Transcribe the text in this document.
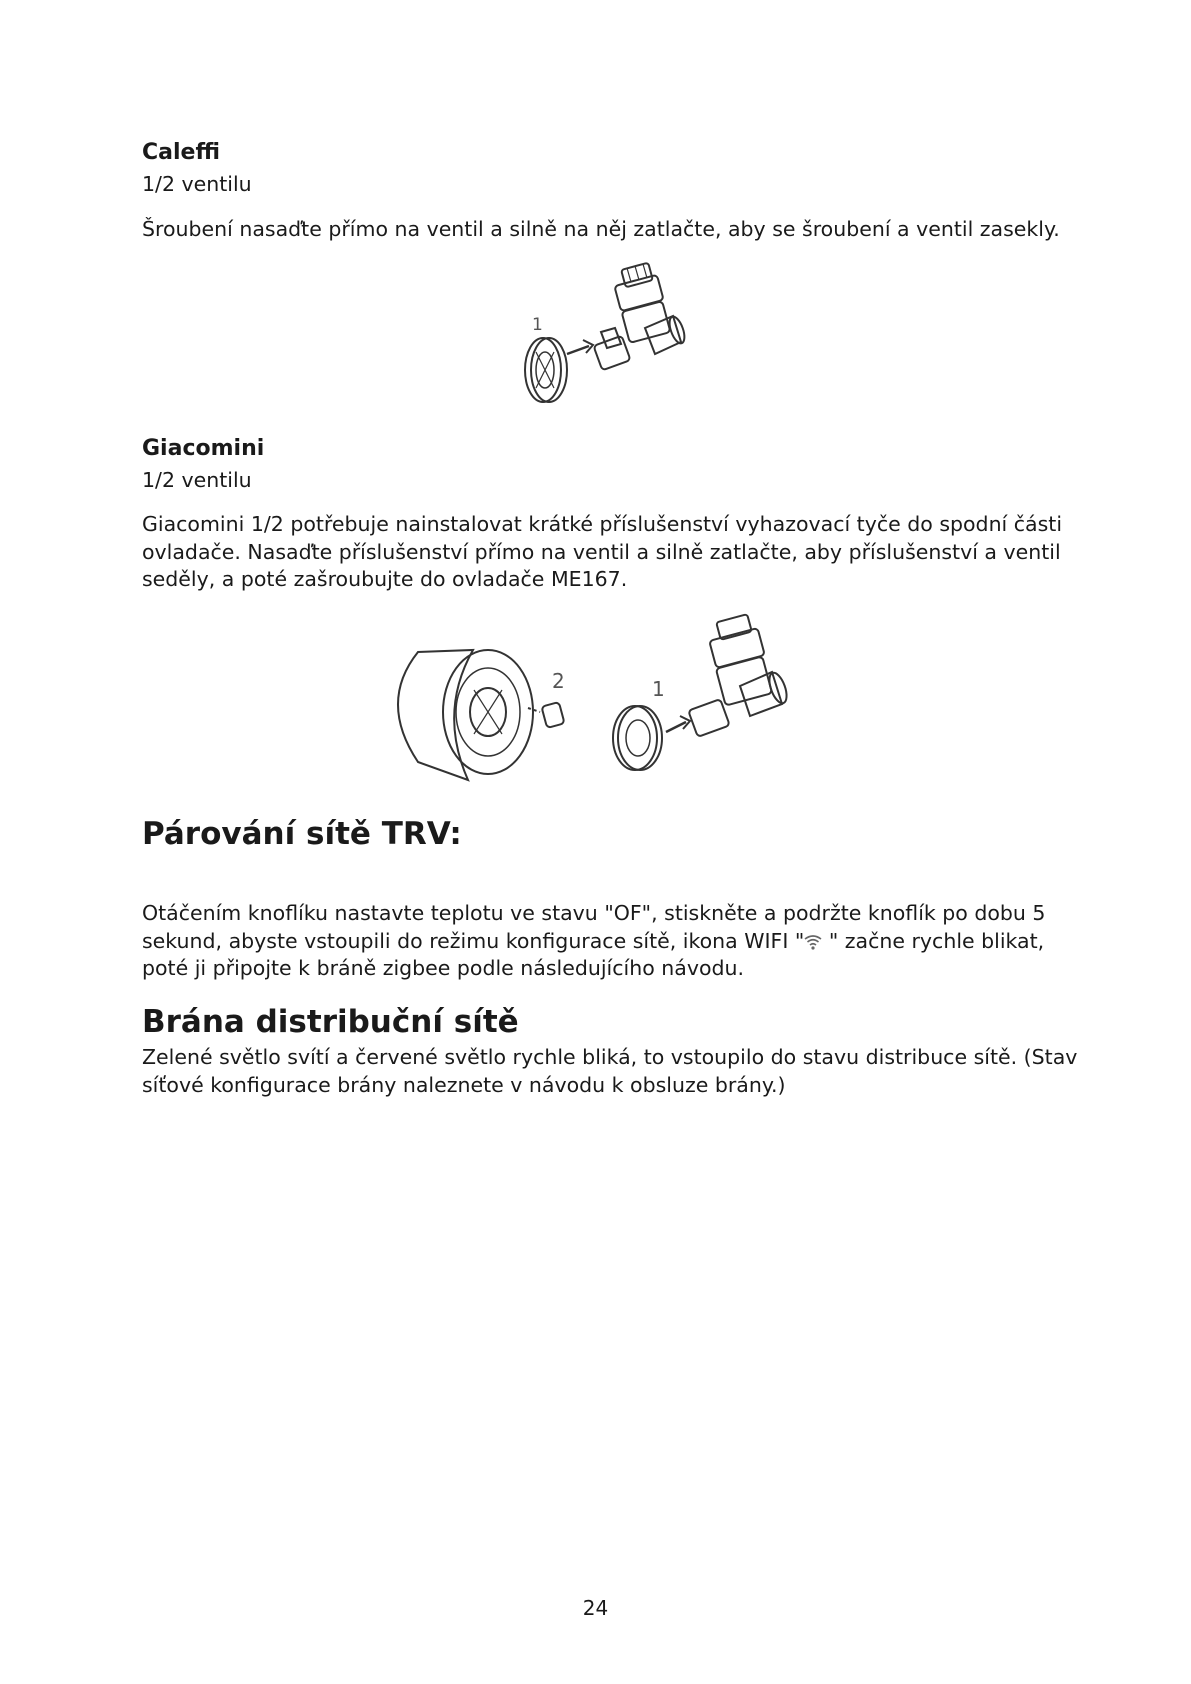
Caleffi

1/2 ventilu

Šroubení nasaďte přímo na ventil a silně na něj zatlačte, aby se šroubení a ventil zasekly.

1
Giacomini

1/2 ventilu

Giacomini 1/2 potřebuje nainstalovat krátké příslušenství vyhazovací tyče do spodní části
ovladače. Nasaďte příslušenství přímo na ventil a silně zatlačte, aby příslušenství a ventil
seděly, a poté zašroubujte do ovladače ME167.
2	1
Párování sítě TRV:
Otáčením knoflíku nastavte teplotu ve stavu "OF", stiskněte a podržte knoflík po dobu 5
sekund, abyste vstoupili do režimu konfigurace sítě, ikona WIFI " " začne rychle blikat,
poté ji připojte k bráně zigbee podle následujícího návodu.
Brána distribuční sítě
Zelené světlo svítí a červené světlo rychle bliká, to vstoupilo do stavu distribuce sítě. (Stav
síťové konfigurace brány naleznete v návodu k obsluze brány.)
24
